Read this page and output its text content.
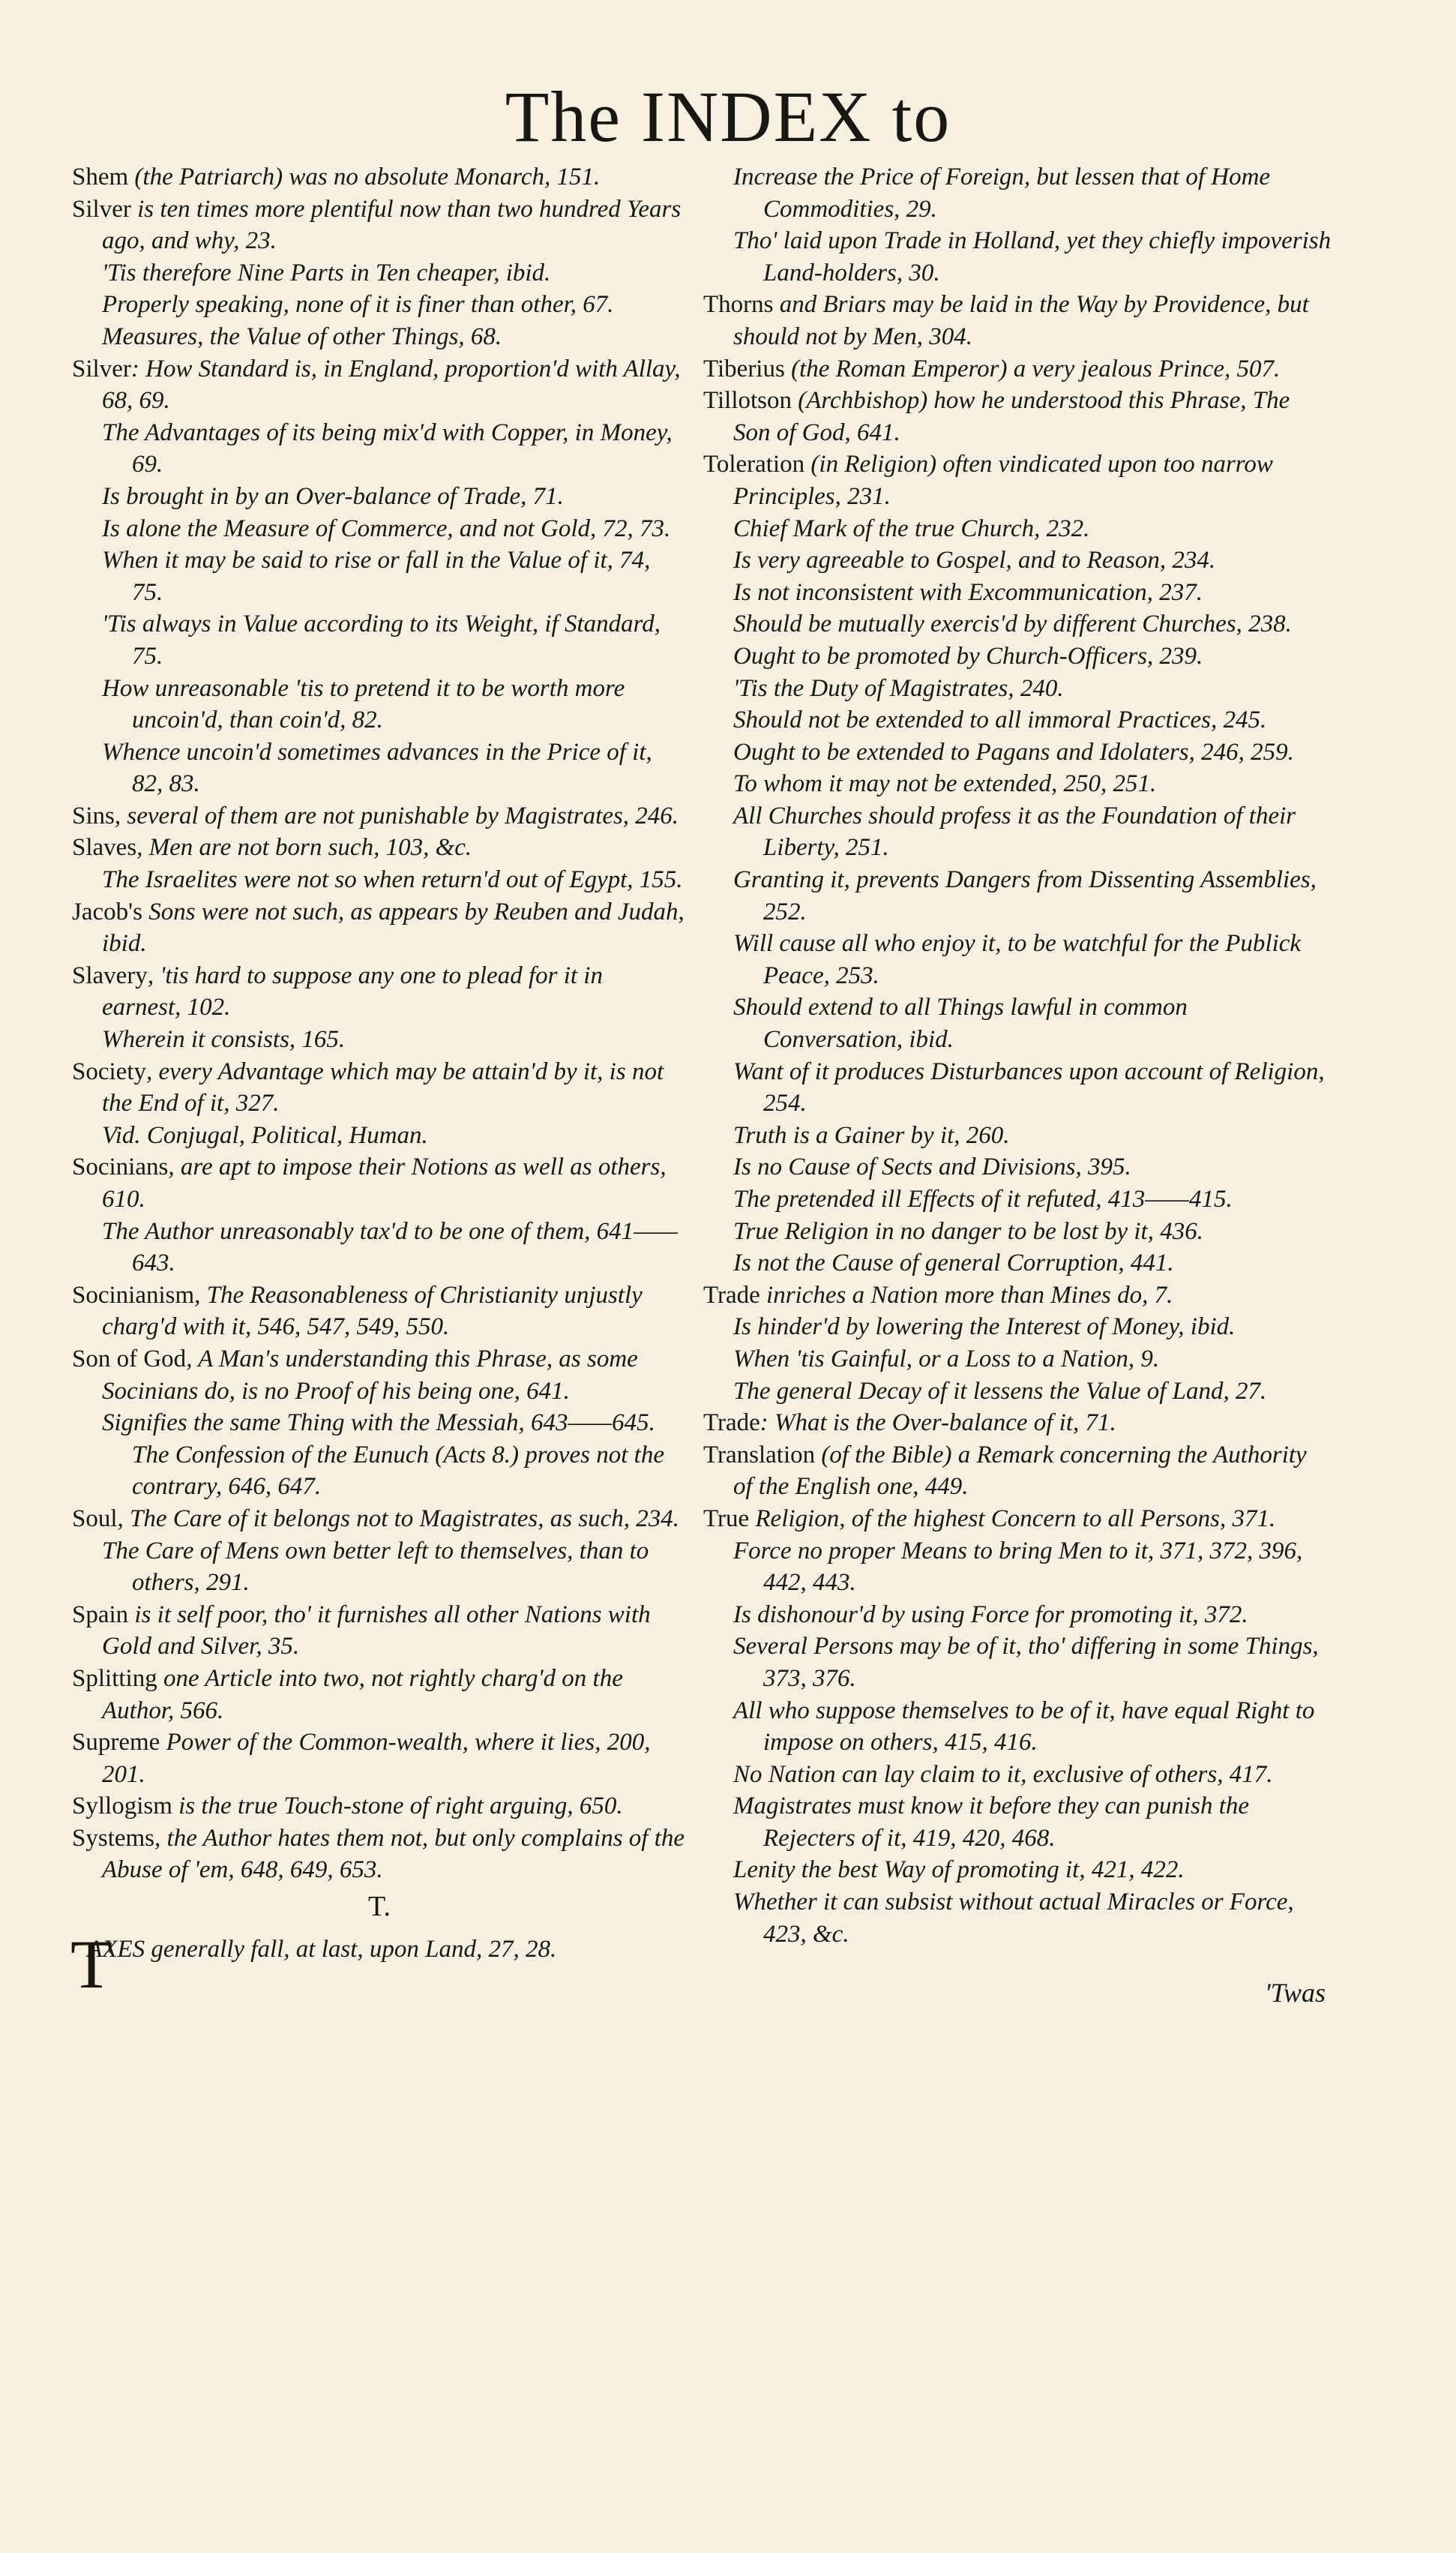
The INDEX to

Shem (the Patriarch) was no absolute Monarch, 151.

Silver is ten times more plentiful now than two hundred Years ago, and why, 23.

'Tis therefore Nine Parts in Ten cheaper, ibid.

Properly speaking, none of it is finer than other, 67.

Measures, the Value of other Things, 68.

Silver: How Standard is, in England, proportion'd with Allay, 68, 69.

The Advantages of its being mix'd with Copper, in Money, 69.

Is brought in by an Over-balance of Trade, 71.

Is alone the Measure of Commerce, and not Gold, 72, 73.

When it may be said to rise or fall in the Value of it, 74, 75.

'Tis always in Value according to its Weight, if Standard, 75.

How unreasonable 'tis to pretend it to be worth more uncoin'd, than coin'd, 82.

Whence uncoin'd sometimes advances in the Price of it, 82, 83.

Sins, several of them are not punishable by Magistrates, 246.

Slaves, Men are not born such, 103, &c.

The Israelites were not so when return'd out of Egypt, 155.

Jacob's Sons were not such, as appears by Reuben and Judah, ibid.

Slavery, 'tis hard to suppose any one to plead for it in earnest, 102.

Wherein it consists, 165.

Society, every Advantage which may be attain'd by it, is not the End of it, 327.

Vid. Conjugal, Political, Human.

Socinians, are apt to impose their Notions as well as others, 610.

The Author unreasonably tax'd to be one of them, 641——643.

Socinianism, The Reasonableness of Christianity unjustly charg'd with it, 546, 547, 549, 550.

Son of God, A Man's understanding this Phrase, as some Socinians do, is no Proof of his being one, 641.

Signifies the same Thing with the Messiah, 643——645. The Confession of the Eunuch (Acts 8.) proves not the contrary, 646, 647.

Soul, The Care of it belongs not to Magistrates, as such, 234.

The Care of Mens own better left to themselves, than to others, 291.

Spain is it self poor, tho' it furnishes all other Nations with Gold and Silver, 35.

Splitting one Article into two, not rightly charg'd on the Author, 566.

Supreme Power of the Common-wealth, where it lies, 200, 201.

Syllogism is the true Touch-stone of right arguing, 650.

Systems, the Author hates them not, but only complains of the Abuse of 'em, 648, 649, 653.

T.

T
AXES generally fall, at last, upon Land, 27, 28.

Increase the Price of Foreign, but lessen that of Home Commodities, 29.

Tho' laid upon Trade in Holland, yet they chiefly impoverish Land-holders, 30.

Thorns and Briars may be laid in the Way by Providence, but should not by Men, 304.

Tiberius (the Roman Emperor) a very jealous Prince, 507.

Tillotson (Archbishop) how he understood this Phrase, The Son of God, 641.

Toleration (in Religion) often vindicated upon too narrow Principles, 231.

Chief Mark of the true Church, 232.

Is very agreeable to Gospel, and to Reason, 234.

Is not inconsistent with Excommunication, 237.

Should be mutually exercis'd by different Churches, 238.

Ought to be promoted by Church-Officers, 239.

'Tis the Duty of Magistrates, 240.

Should not be extended to all immoral Practices, 245.

Ought to be extended to Pagans and Idolaters, 246, 259.

To whom it may not be extended, 250, 251.

All Churches should profess it as the Foundation of their Liberty, 251.

Granting it, prevents Dangers from Dissenting Assemblies, 252.

Will cause all who enjoy it, to be watchful for the Publick Peace, 253.

Should extend to all Things lawful in common Conversation, ibid.

Want of it produces Disturbances upon account of Religion, 254.

Truth is a Gainer by it, 260.

Is no Cause of Sects and Divisions, 395.

The pretended ill Effects of it refuted, 413——415.

True Religion in no danger to be lost by it, 436.

Is not the Cause of general Corruption, 441.

Trade inriches a Nation more than Mines do, 7.

Is hinder'd by lowering the Interest of Money, ibid.

When 'tis Gainful, or a Loss to a Nation, 9.

The general Decay of it lessens the Value of Land, 27.

Trade: What is the Over-balance of it, 71.

Translation (of the Bible) a Remark concerning the Authority of the English one, 449.

True Religion, of the highest Concern to all Persons, 371.

Force no proper Means to bring Men to it, 371, 372, 396, 442, 443.

Is dishonour'd by using Force for promoting it, 372.

Several Persons may be of it, tho' differing in some Things, 373, 376.

All who suppose themselves to be of it, have equal Right to impose on others, 415, 416.

No Nation can lay claim to it, exclusive of others, 417.

Magistrates must know it before they can punish the Rejecters of it, 419, 420, 468.

Lenity the best Way of promoting it, 421, 422.

Whether it can subsist without actual Miracles or Force, 423, &c.

'Twas
